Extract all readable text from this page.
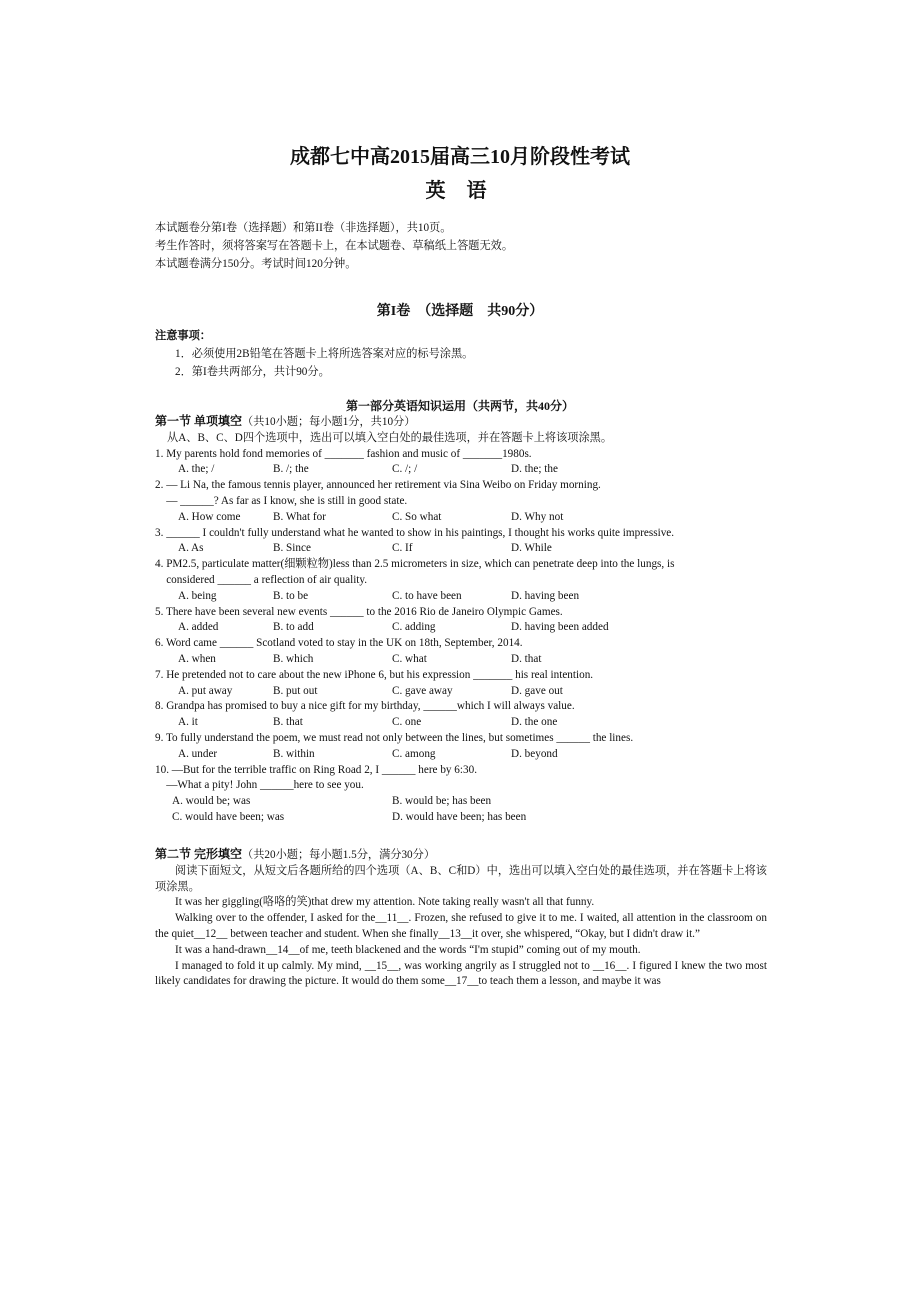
成都七中高2015届高三10月阶段性考试
英 语
本试题卷分第I卷（选择题）和第II卷（非选择题），共10页。
考生作答时，须将答案写在答题卡上，在本试题卷、草稿纸上答题无效。
本试题卷满分150分。考试时间120分钟。
第I卷　（选择题　共90分）
注意事项：
1．必须使用2B铅笔在答题卡上将所选答案对应的标号涂黑。
2．第I卷共两部分，共计90分。
第一部分英语知识运用（共两节，共40分）
第一节 单项填空（共10小题；每小题1分，共10分）
从A、B、C、D四个选项中，选出可以填入空白处的最佳选项，并在答题卡上将该项涂黑。
1. My parents hold fond memories of _______ fashion and music of _______1980s.
A. the; /	B. /; the	C. /; /	D. the; the
2. — Li Na, the famous tennis player, announced her retirement via Sina Weibo on Friday morning.
　— ______? As far as I know, she is still in good state.
A. How come	B. What for	C. So what	D. Why not
3. ______ I couldn't fully understand what he wanted to show in his paintings, I thought his works quite impressive.
A. As	B. Since	C. If	D. While
4. PM2.5, particulate matter(细颗粒物)less than 2.5 micrometers in size, which can penetrate deep into the lungs, is
　considered ______ a reflection of air quality.
A. being	B. to be	C. to have been	D. having been
5. There have been several new events ______ to the 2016 Rio de Janeiro Olympic Games.
A. added	B. to add	C. adding	D. having been added
6. Word came ______ Scotland voted to stay in the UK on 18th, September, 2014.
A. when	B. which	C. what	D. that
7. He pretended not to care about the new iPhone 6, but his expression _______ his real intention.
A. put away	B. put out	C. gave away	D. gave out
8. Grandpa has promised to buy a nice gift for my birthday, ______which I will always value.
A. it	B. that	C. one	D. the one
9. To fully understand the poem, we must read not only between the lines, but sometimes ______ the lines.
A. under	B. within	C. among	D. beyond
10. —But for the terrible traffic on Ring Road 2, I ______ here by 6:30.
　—What a pity! John ______here to see you.
A. would be; was	B. would be; has been
C. would have been; was	D. would have been; has been
第二节 完形填空（共20小题；每小题1.5分，满分30分）
阅读下面短文，从短文后各题所给的四个选项（A、B、C和D）中，选出可以填入空白处的最佳选项，并在答题卡上将该项涂黑。
It was her giggling(咯咯的笑)that drew my attention. Note taking really wasn't all that funny.
Walking over to the offender, I asked for the__11__. Frozen, she refused to give it to me. I waited, all attention in the classroom on the quiet__12__ between teacher and student. When she finally__13__it over, she whispered, “Okay, but I didn't draw it.”
It was a hand-drawn__14__of me, teeth blackened and the words “I'm stupid” coming out of my mouth.
I managed to fold it up calmly. My mind, __15__, was working angrily as I struggled not to __16__. I figured I knew the two most likely candidates for drawing the picture. It would do them some__17__to teach them a lesson, and maybe it was
